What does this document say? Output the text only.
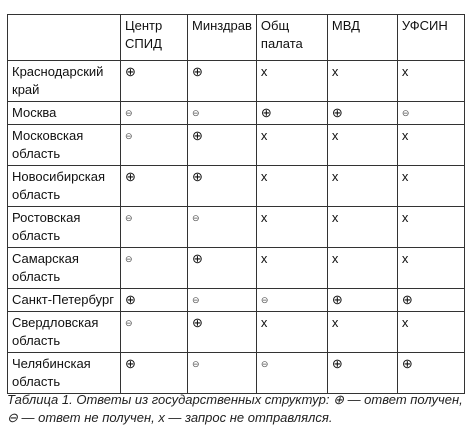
	Центр СПИД	Минздрав	Общ палата	МВД	УФСИН
Краснодарский край	⊕	⊕	x	x	x
Москва	⊖	⊖	⊕	⊕	⊖
Московская область	⊖	⊕	x	x	x
Новосибирская область	⊕	⊕	x	x	x
Ростовская область	⊖	⊖	x	x	x
Самарская область	⊖	⊕	x	x	x
Санкт-Петербург	⊕	⊖	⊖	⊕	⊕
Свердловская область	⊖	⊕	x	x	x
Челябинская область	⊕	⊖	⊖	⊕	⊕
Таблица 1. Ответы из государственных структур: ⊕ — ответ получен, ⊖ — ответ не получен, x — запрос не отправлялся.
